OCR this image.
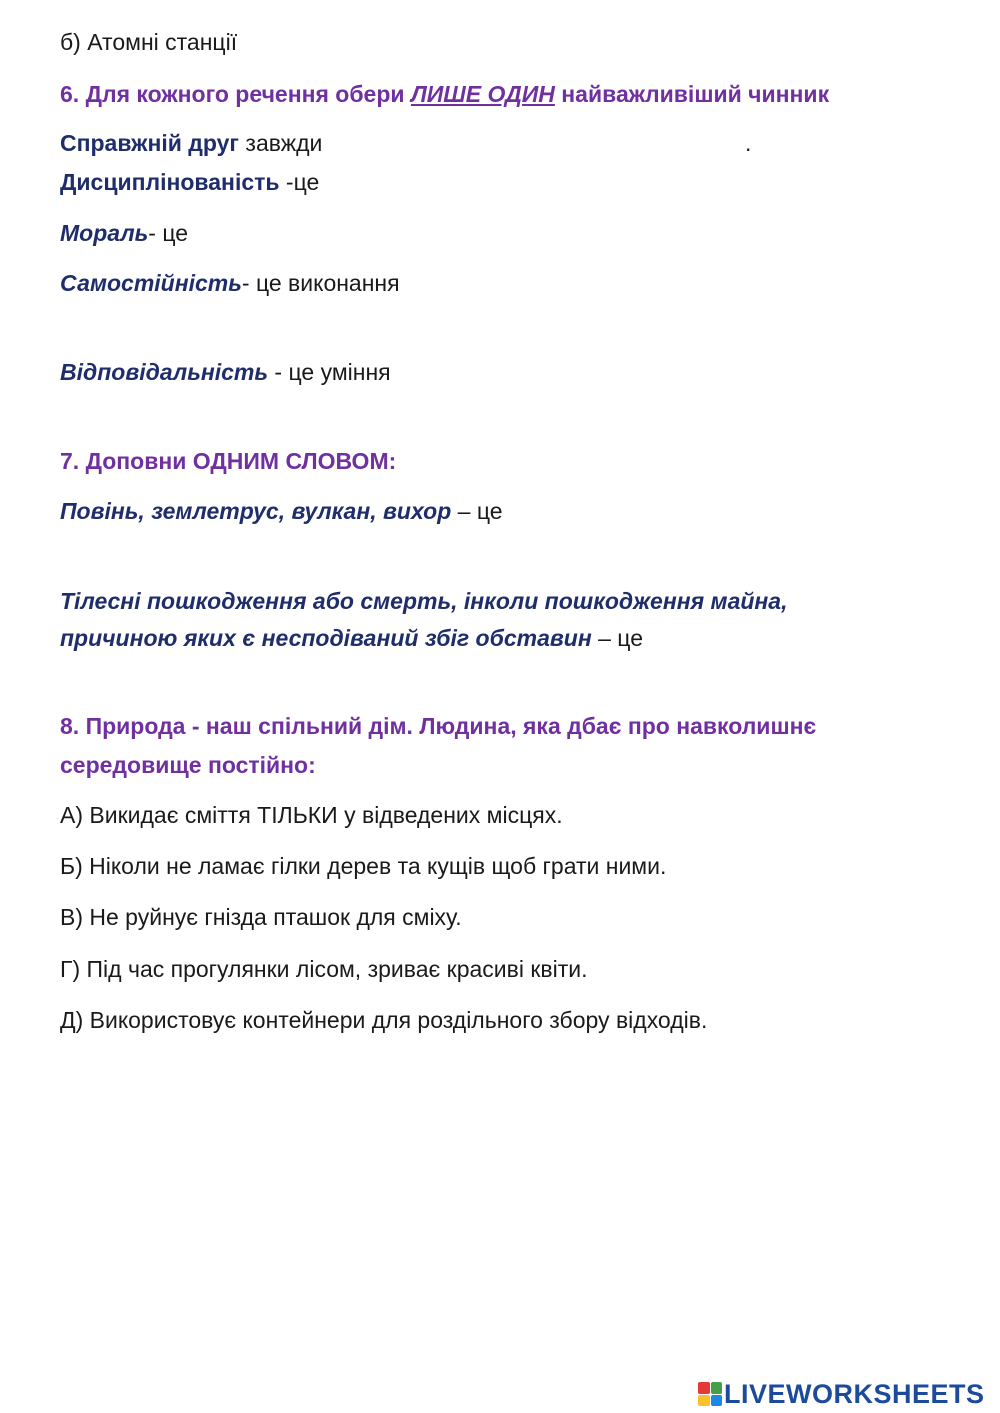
б) Атомні станції
6. Для кожного речення обери ЛИШЕ ОДИН найважливіший чинник
Справжній друг завжди	.
Дисциплінованість -це
Мораль- це
Самостійність- це виконання
Відповідальність - це уміння
7. Доповни ОДНИМ СЛОВОМ:
Повінь, землетрус, вулкан, вихор – це
Тілесні пошкодження або смерть, інколи пошкодження майна,
причиною яких є несподіваний збіг обставин – це
8. Природа - наш спільний дім. Людина, яка дбає про навколишнє
середовище постійно:
А) Викидає сміття ТІЛЬКИ у відведених місцях.
Б) Ніколи не ламає гілки дерев та кущів щоб грати ними.
В) Не руйнує гнізда пташок для сміху.
Г) Під час прогулянки лісом, зриває красиві квіти.
Д) Використовує контейнери для роздільного збору відходів.
LIVEWORKSHEETS
